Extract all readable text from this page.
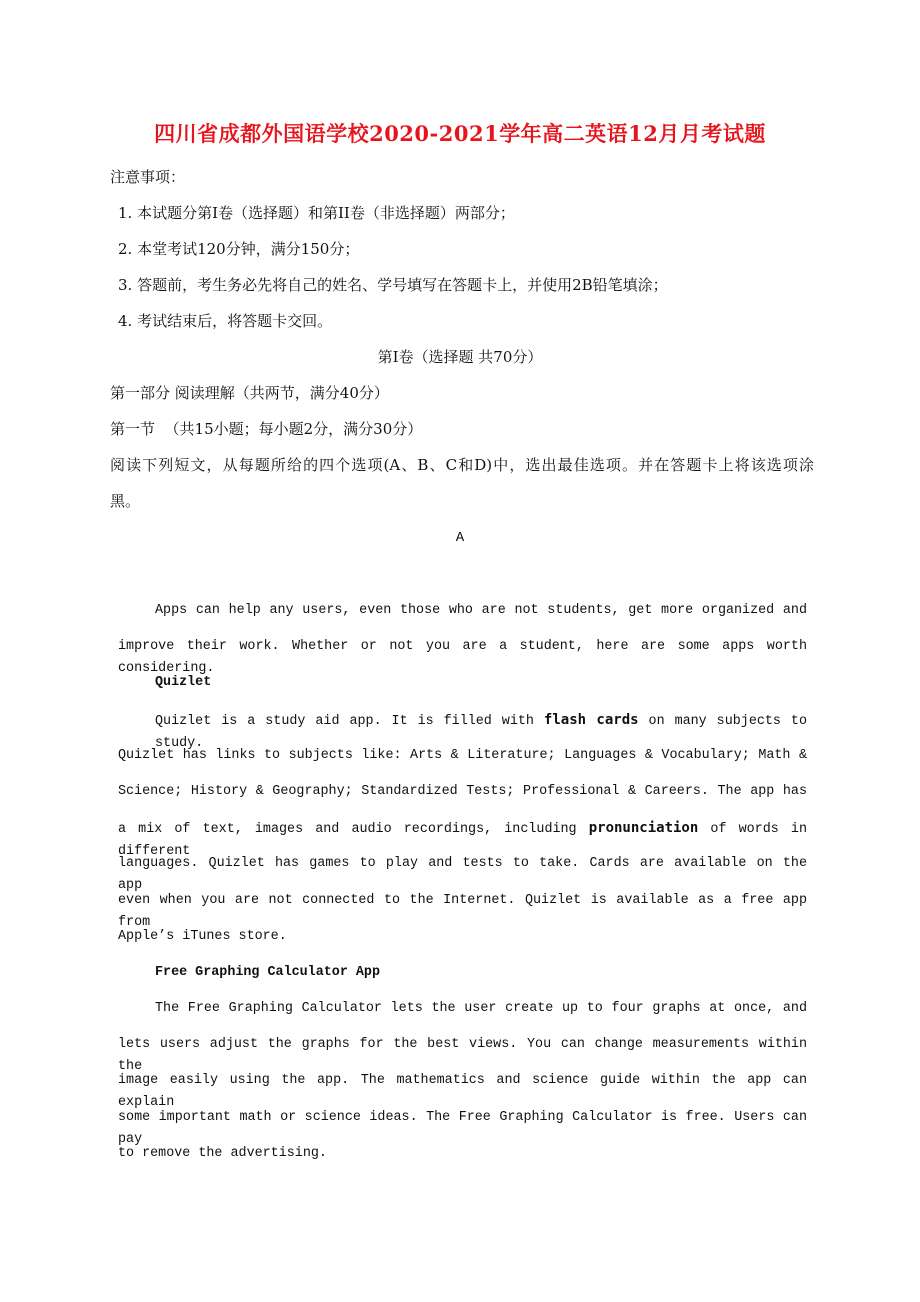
四川省成都外国语学校2020-2021学年高二英语12月月考试题
注意事项：
1. 本试题分第Ⅰ卷（选择题）和第II卷（非选择题）两部分；
2. 本堂考试120分钟，满分150分；
3. 答题前，考生务必先将自己的姓名、学号填写在答题卡上，并使用2B铅笔填涂；
4. 考试结束后，将答题卡交回。
第Ⅰ卷（选择题 共70分）
第一部分 阅读理解（共两节，满分40分）
第一节  （共15小题；每小题2分，满分30分）
阅读下列短文，从每题所给的四个选项(A、B、C和D)中，选出最佳选项。并在答题卡上将该选项涂
黑。
A
Apps can help any users, even those who are not students, get more organized and
improve their work. Whether or not you are a student, here are some apps worth considering.
Quizlet
Quizlet is a study aid app. It is filled with flash cards on many subjects to study.
Quizlet has links to subjects like: Arts & Literature; Languages & Vocabulary; Math &
Science; History & Geography; Standardized Tests; Professional & Careers. The app has
a mix of text, images and audio recordings, including pronunciation of words in different
languages. Quizlet has games to play and tests to take. Cards are available on the app
even when you are not connected to the Internet. Quizlet is available as a free app from
Apple’s iTunes store.
Free Graphing Calculator App
The Free Graphing Calculator lets the user create up to four graphs at once, and
lets users adjust the graphs for the best views. You can change measurements within the
image easily using the app. The mathematics and science guide within the app can explain
some important math or science ideas. The Free Graphing Calculator is free. Users can pay
to remove the advertising.
